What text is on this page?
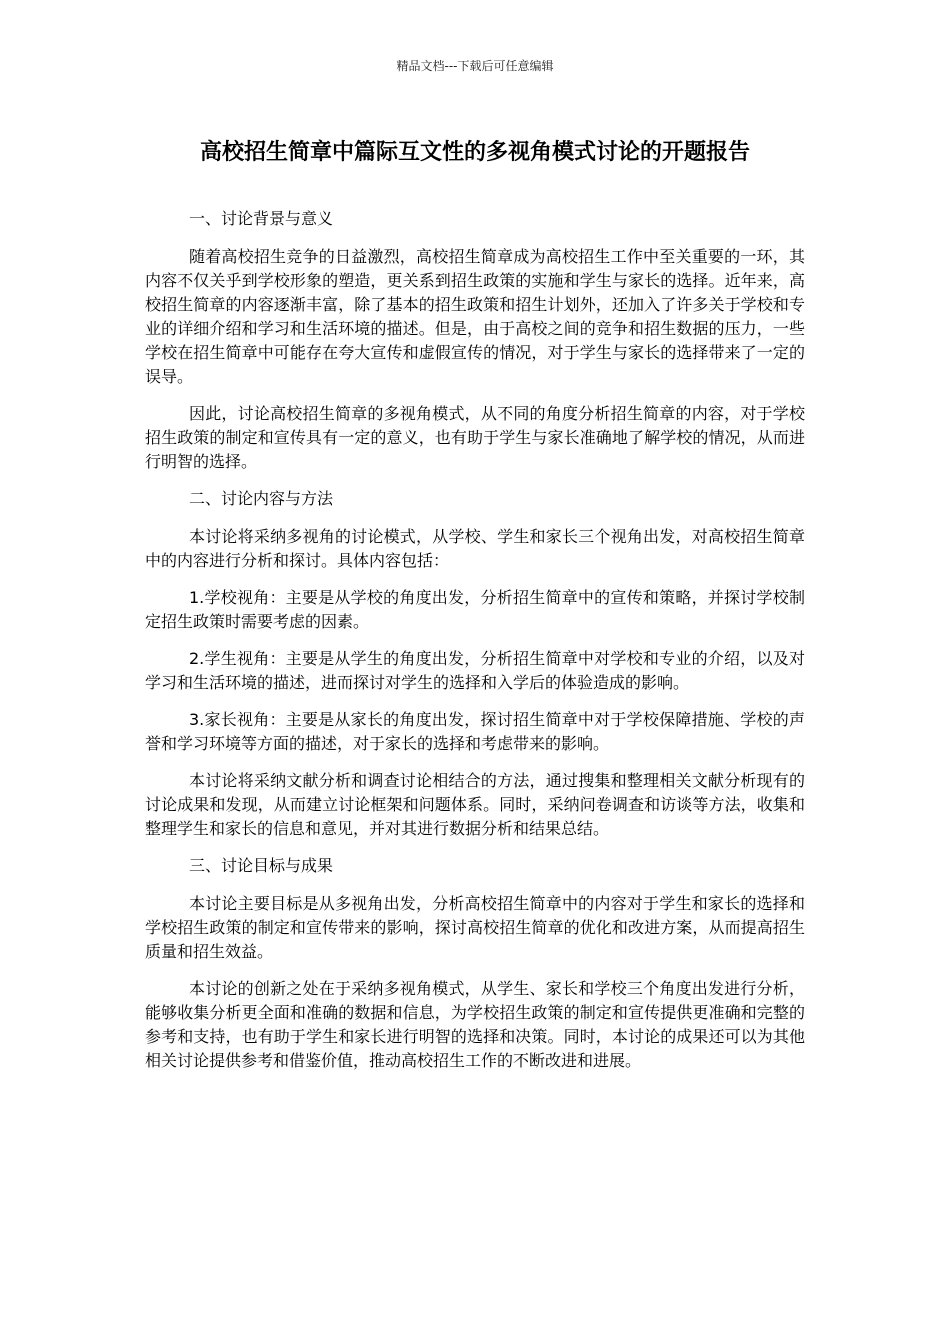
精品文档---下载后可任意编辑
高校招生简章中篇际互文性的多视角模式讨论的开题报告
一、讨论背景与意义

随着高校招生竞争的日益激烈，高校招生简章成为高校招生工作中至关重要的一环，其内容不仅关乎到学校形象的塑造，更关系到招生政策的实施和学生与家长的选择。近年来，高校招生简章的内容逐渐丰富，除了基本的招生政策和招生计划外，还加入了许多关于学校和专业的详细介绍和学习和生活环境的描述。但是，由于高校之间的竞争和招生数据的压力，一些学校在招生简章中可能存在夸大宣传和虚假宣传的情况，对于学生与家长的选择带来了一定的误导。

因此，讨论高校招生简章的多视角模式，从不同的角度分析招生简章的内容，对于学校招生政策的制定和宣传具有一定的意义，也有助于学生与家长准确地了解学校的情况，从而进行明智的选择。

二、讨论内容与方法

本讨论将采纳多视角的讨论模式，从学校、学生和家长三个视角出发，对高校招生简章中的内容进行分析和探讨。具体内容包括：

1.学校视角：主要是从学校的角度出发，分析招生简章中的宣传和策略，并探讨学校制定招生政策时需要考虑的因素。

2.学生视角：主要是从学生的角度出发，分析招生简章中对学校和专业的介绍，以及对学习和生活环境的描述，进而探讨对学生的选择和入学后的体验造成的影响。

3.家长视角：主要是从家长的角度出发，探讨招生简章中对于学校保障措施、学校的声誉和学习环境等方面的描述，对于家长的选择和考虑带来的影响。

本讨论将采纳文献分析和调查讨论相结合的方法，通过搜集和整理相关文献分析现有的讨论成果和发现，从而建立讨论框架和问题体系。同时，采纳问卷调查和访谈等方法，收集和整理学生和家长的信息和意见，并对其进行数据分析和结果总结。

三、讨论目标与成果

本讨论主要目标是从多视角出发，分析高校招生简章中的内容对于学生和家长的选择和学校招生政策的制定和宣传带来的影响，探讨高校招生简章的优化和改进方案，从而提高招生质量和招生效益。

本讨论的创新之处在于采纳多视角模式，从学生、家长和学校三个角度出发进行分析，能够收集分析更全面和准确的数据和信息，为学校招生政策的制定和宣传提供更准确和完整的参考和支持，也有助于学生和家长进行明智的选择和决策。同时，本讨论的成果还可以为其他相关讨论提供参考和借鉴价值，推动高校招生工作的不断改进和进展。
